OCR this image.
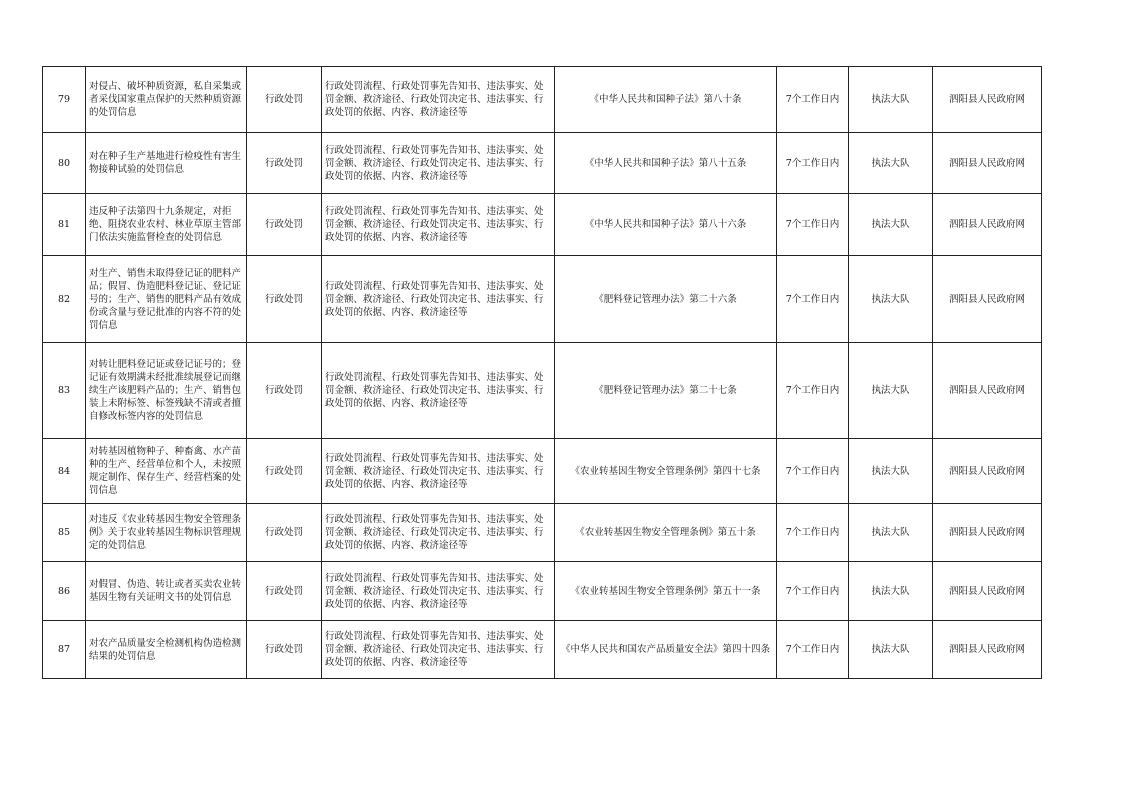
79	对侵占、破坏种质资源，私自采集或者采伐国家重点保护的天然种质资源的处罚信息	行政处罚	行政处罚流程、行政处罚事先告知书、违法事实、处罚金额、救济途径、行政处罚决定书、违法事实、行政处罚的依据、内容、救济途径等	《中华人民共和国种子法》第八十条	7个工作日内	执法大队	泗阳县人民政府网
80	对在种子生产基地进行检疫性有害生物接种试验的处罚信息	行政处罚	行政处罚流程、行政处罚事先告知书、违法事实、处罚金额、救济途径、行政处罚决定书、违法事实、行政处罚的依据、内容、救济途径等	《中华人民共和国种子法》第八十五条	7个工作日内	执法大队	泗阳县人民政府网
81	违反种子法第四十九条规定，对拒绝、阻挠农业农村、林业草原主管部门依法实施监督检查的处罚信息	行政处罚	行政处罚流程、行政处罚事先告知书、违法事实、处罚金额、救济途径、行政处罚决定书、违法事实、行政处罚的依据、内容、救济途径等	《中华人民共和国种子法》第八十六条	7个工作日内	执法大队	泗阳县人民政府网
82	对生产、销售未取得登记证的肥料产品；假冒、伪造肥料登记证、登记证号的；生产、销售的肥料产品有效成份或含量与登记批准的内容不符的处罚信息	行政处罚	行政处罚流程、行政处罚事先告知书、违法事实、处罚金额、救济途径、行政处罚决定书、违法事实、行政处罚的依据、内容、救济途径等	《肥料登记管理办法》第二十六条	7个工作日内	执法大队	泗阳县人民政府网
83	对转让肥料登记证或登记证号的；登记证有效期满未经批准续展登记而继续生产该肥料产品的；生产、销售包装上未附标签、标签残缺不清或者擅自修改标签内容的处罚信息	行政处罚	行政处罚流程、行政处罚事先告知书、违法事实、处罚金额、救济途径、行政处罚决定书、违法事实、行政处罚的依据、内容、救济途径等	《肥料登记管理办法》第二十七条	7个工作日内	执法大队	泗阳县人民政府网
84	对转基因植物种子、种畜禽、水产苗种的生产、经营单位和个人，未按照规定制作、保存生产、经营档案的处罚信息	行政处罚	行政处罚流程、行政处罚事先告知书、违法事实、处罚金额、救济途径、行政处罚决定书、违法事实、行政处罚的依据、内容、救济途径等	《农业转基因生物安全管理条例》第四十七条	7个工作日内	执法大队	泗阳县人民政府网
85	对违反《农业转基因生物安全管理条例》关于农业转基因生物标识管理规定的处罚信息	行政处罚	行政处罚流程、行政处罚事先告知书、违法事实、处罚金额、救济途径、行政处罚决定书、违法事实、行政处罚的依据、内容、救济途径等	《农业转基因生物安全管理条例》第五十条	7个工作日内	执法大队	泗阳县人民政府网
86	对假冒、伪造、转让或者买卖农业转基因生物有关证明文书的处罚信息	行政处罚	行政处罚流程、行政处罚事先告知书、违法事实、处罚金额、救济途径、行政处罚决定书、违法事实、行政处罚的依据、内容、救济途径等	《农业转基因生物安全管理条例》第五十一条	7个工作日内	执法大队	泗阳县人民政府网
87	对农产品质量安全检测机构伪造检测结果的处罚信息	行政处罚	行政处罚流程、行政处罚事先告知书、违法事实、处罚金额、救济途径、行政处罚决定书、违法事实、行政处罚的依据、内容、救济途径等	《中华人民共和国农产品质量安全法》第四十四条	7个工作日内	执法大队	泗阳县人民政府网
